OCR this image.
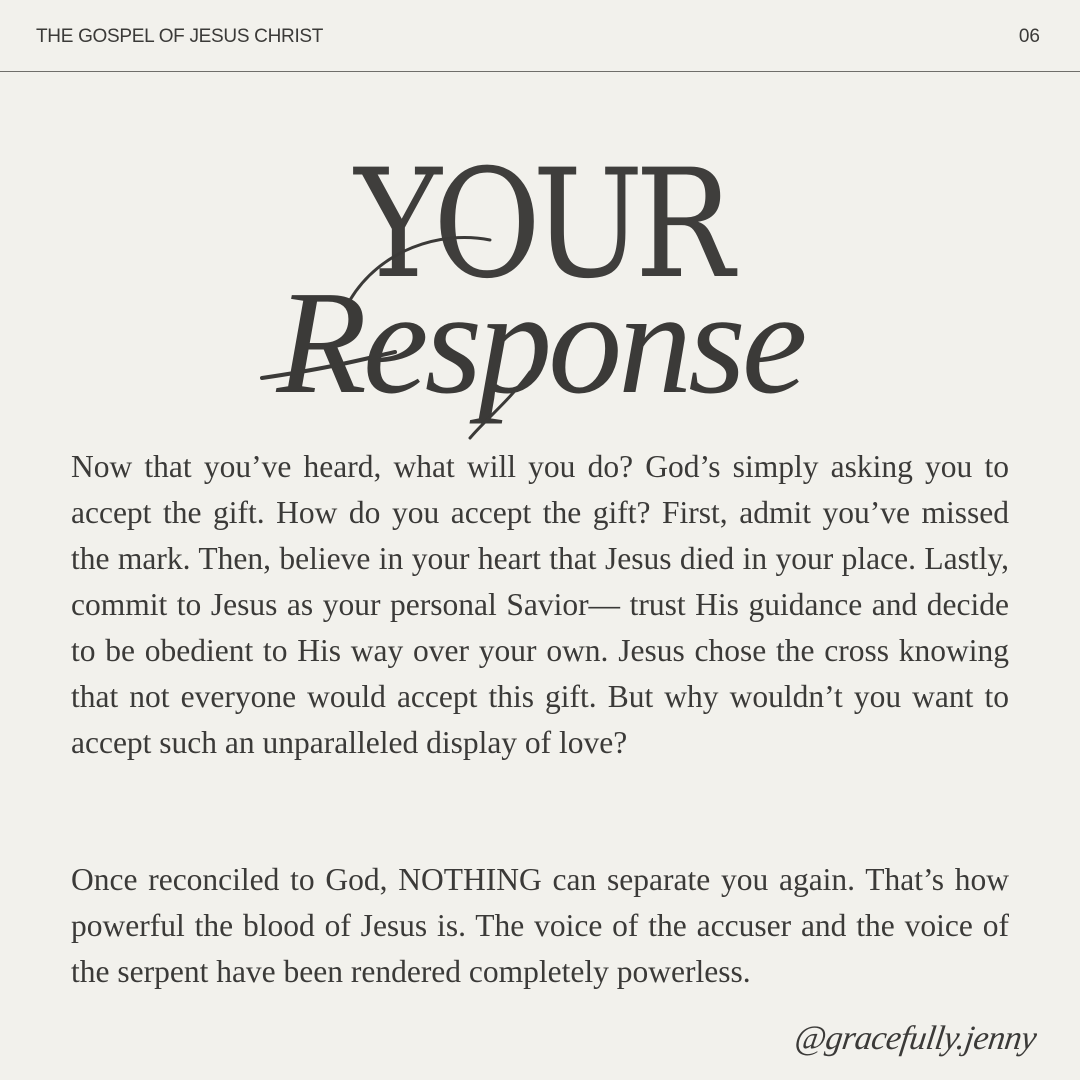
THE GOSPEL OF JESUS CHRIST	06
YOUR
Response

Now that you’ve heard, what will you do? God’s simply asking you to accept the gift. How do you accept the gift? First, admit you’ve missed the mark. Then, believe in your heart that Jesus died in your place. Lastly, commit to Jesus as your personal Savior— trust His guidance and decide to be obedient to His way over your own. Jesus chose the cross knowing that not everyone would accept this gift. But why wouldn’t you want to accept such an unparalleled display of love?

Once reconciled to God, NOTHING can separate you again. That’s how powerful the blood of Jesus is. The voice of the accuser and the voice of the serpent have been rendered completely powerless.

@gracefully.jenny
